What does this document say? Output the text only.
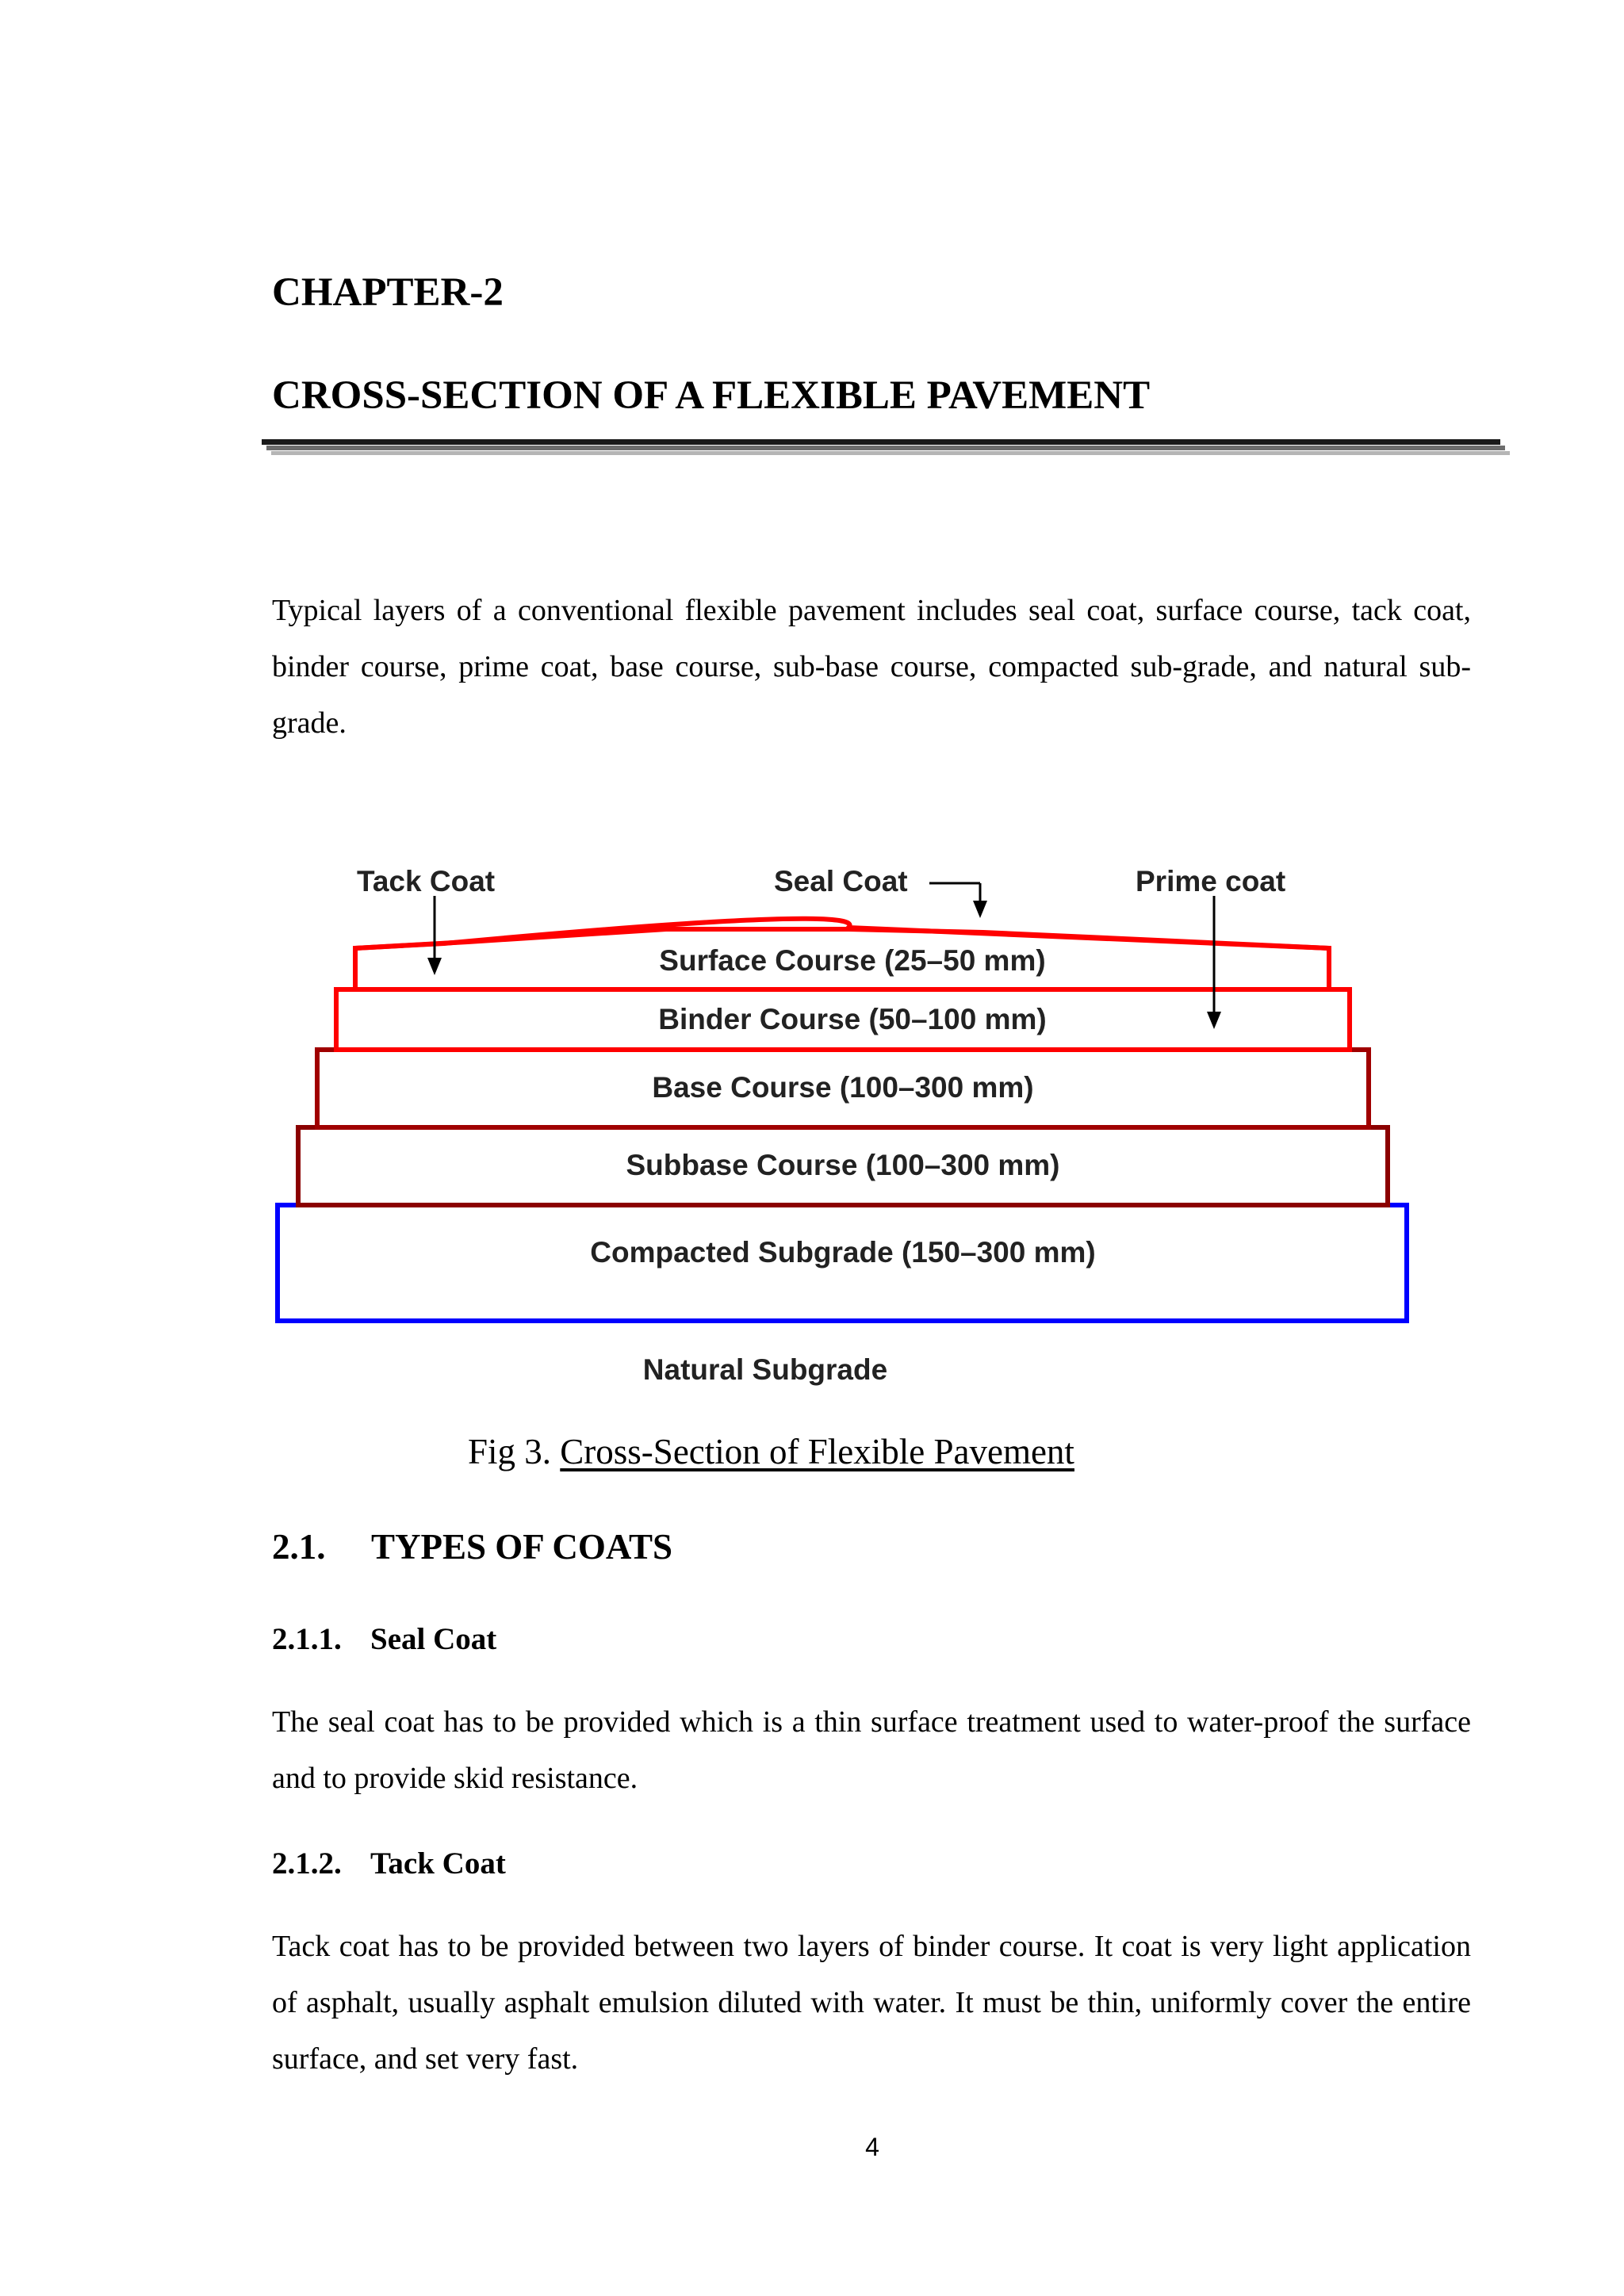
CHAPTER-2
CROSS-SECTION OF A FLEXIBLE PAVEMENT

Typical layers of a conventional flexible pavement includes seal coat, surface course, tack coat, binder course, prime coat, base course, sub-base course, compacted sub-grade, and natural sub-grade.

Surface Course (25–50 mm)
Binder Course (50–100 mm)
Base Course (100–300 mm)
Subbase Course (100–300 mm)
Compacted Subgrade (150–300 mm)
Tack Coat	Seal Coat	Prime coat
Natural Subgrade

Fig 3. Cross-Section of Flexible Pavement

2.1. TYPES OF COATS
2.1.1. Seal Coat

The seal coat has to be provided which is a thin surface treatment used to water-proof the surface and to provide skid resistance.

2.1.2. Tack Coat

Tack coat has to be provided between two layers of binder course. It coat is very light application of asphalt, usually asphalt emulsion diluted with water. It must be thin, uniformly cover the entire surface, and set very fast.

4
